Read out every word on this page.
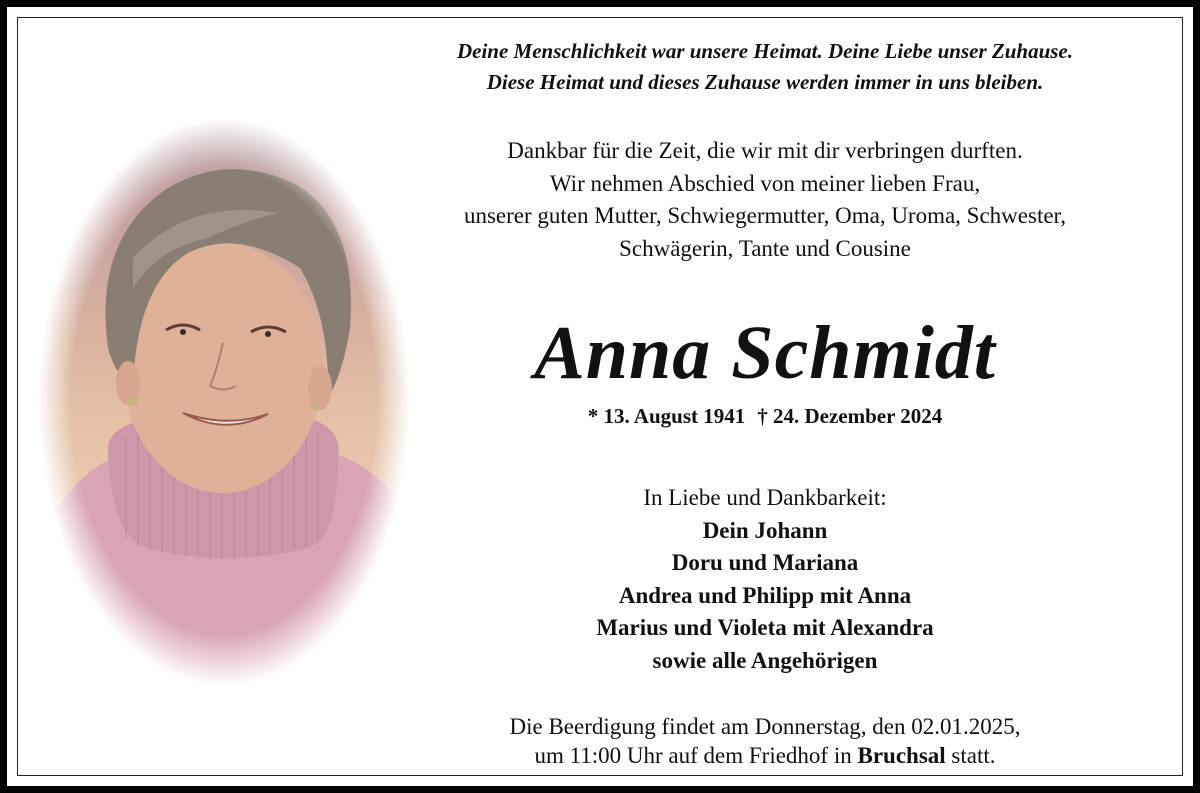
Deine Menschlichkeit war unsere Heimat. Deine Liebe unser Zuhause.
Diese Heimat und dieses Zuhause werden immer in uns bleiben.
Dankbar für die Zeit, die wir mit dir verbringen durften.
Wir nehmen Abschied von meiner lieben Frau,
unserer guten Mutter, Schwiegermutter, Oma, Uroma, Schwester,
Schwägerin, Tante und Cousine
Anna Schmidt
* 13. August 1941 † 24. Dezember 2024
In Liebe und Dankbarkeit:
Dein Johann
Doru und Mariana
Andrea und Philipp mit Anna
Marius und Violeta mit Alexandra
sowie alle Angehörigen
Die Beerdigung findet am Donnerstag, den 02.01.2025,
um 11:00 Uhr auf dem Friedhof in Bruchsal statt.
